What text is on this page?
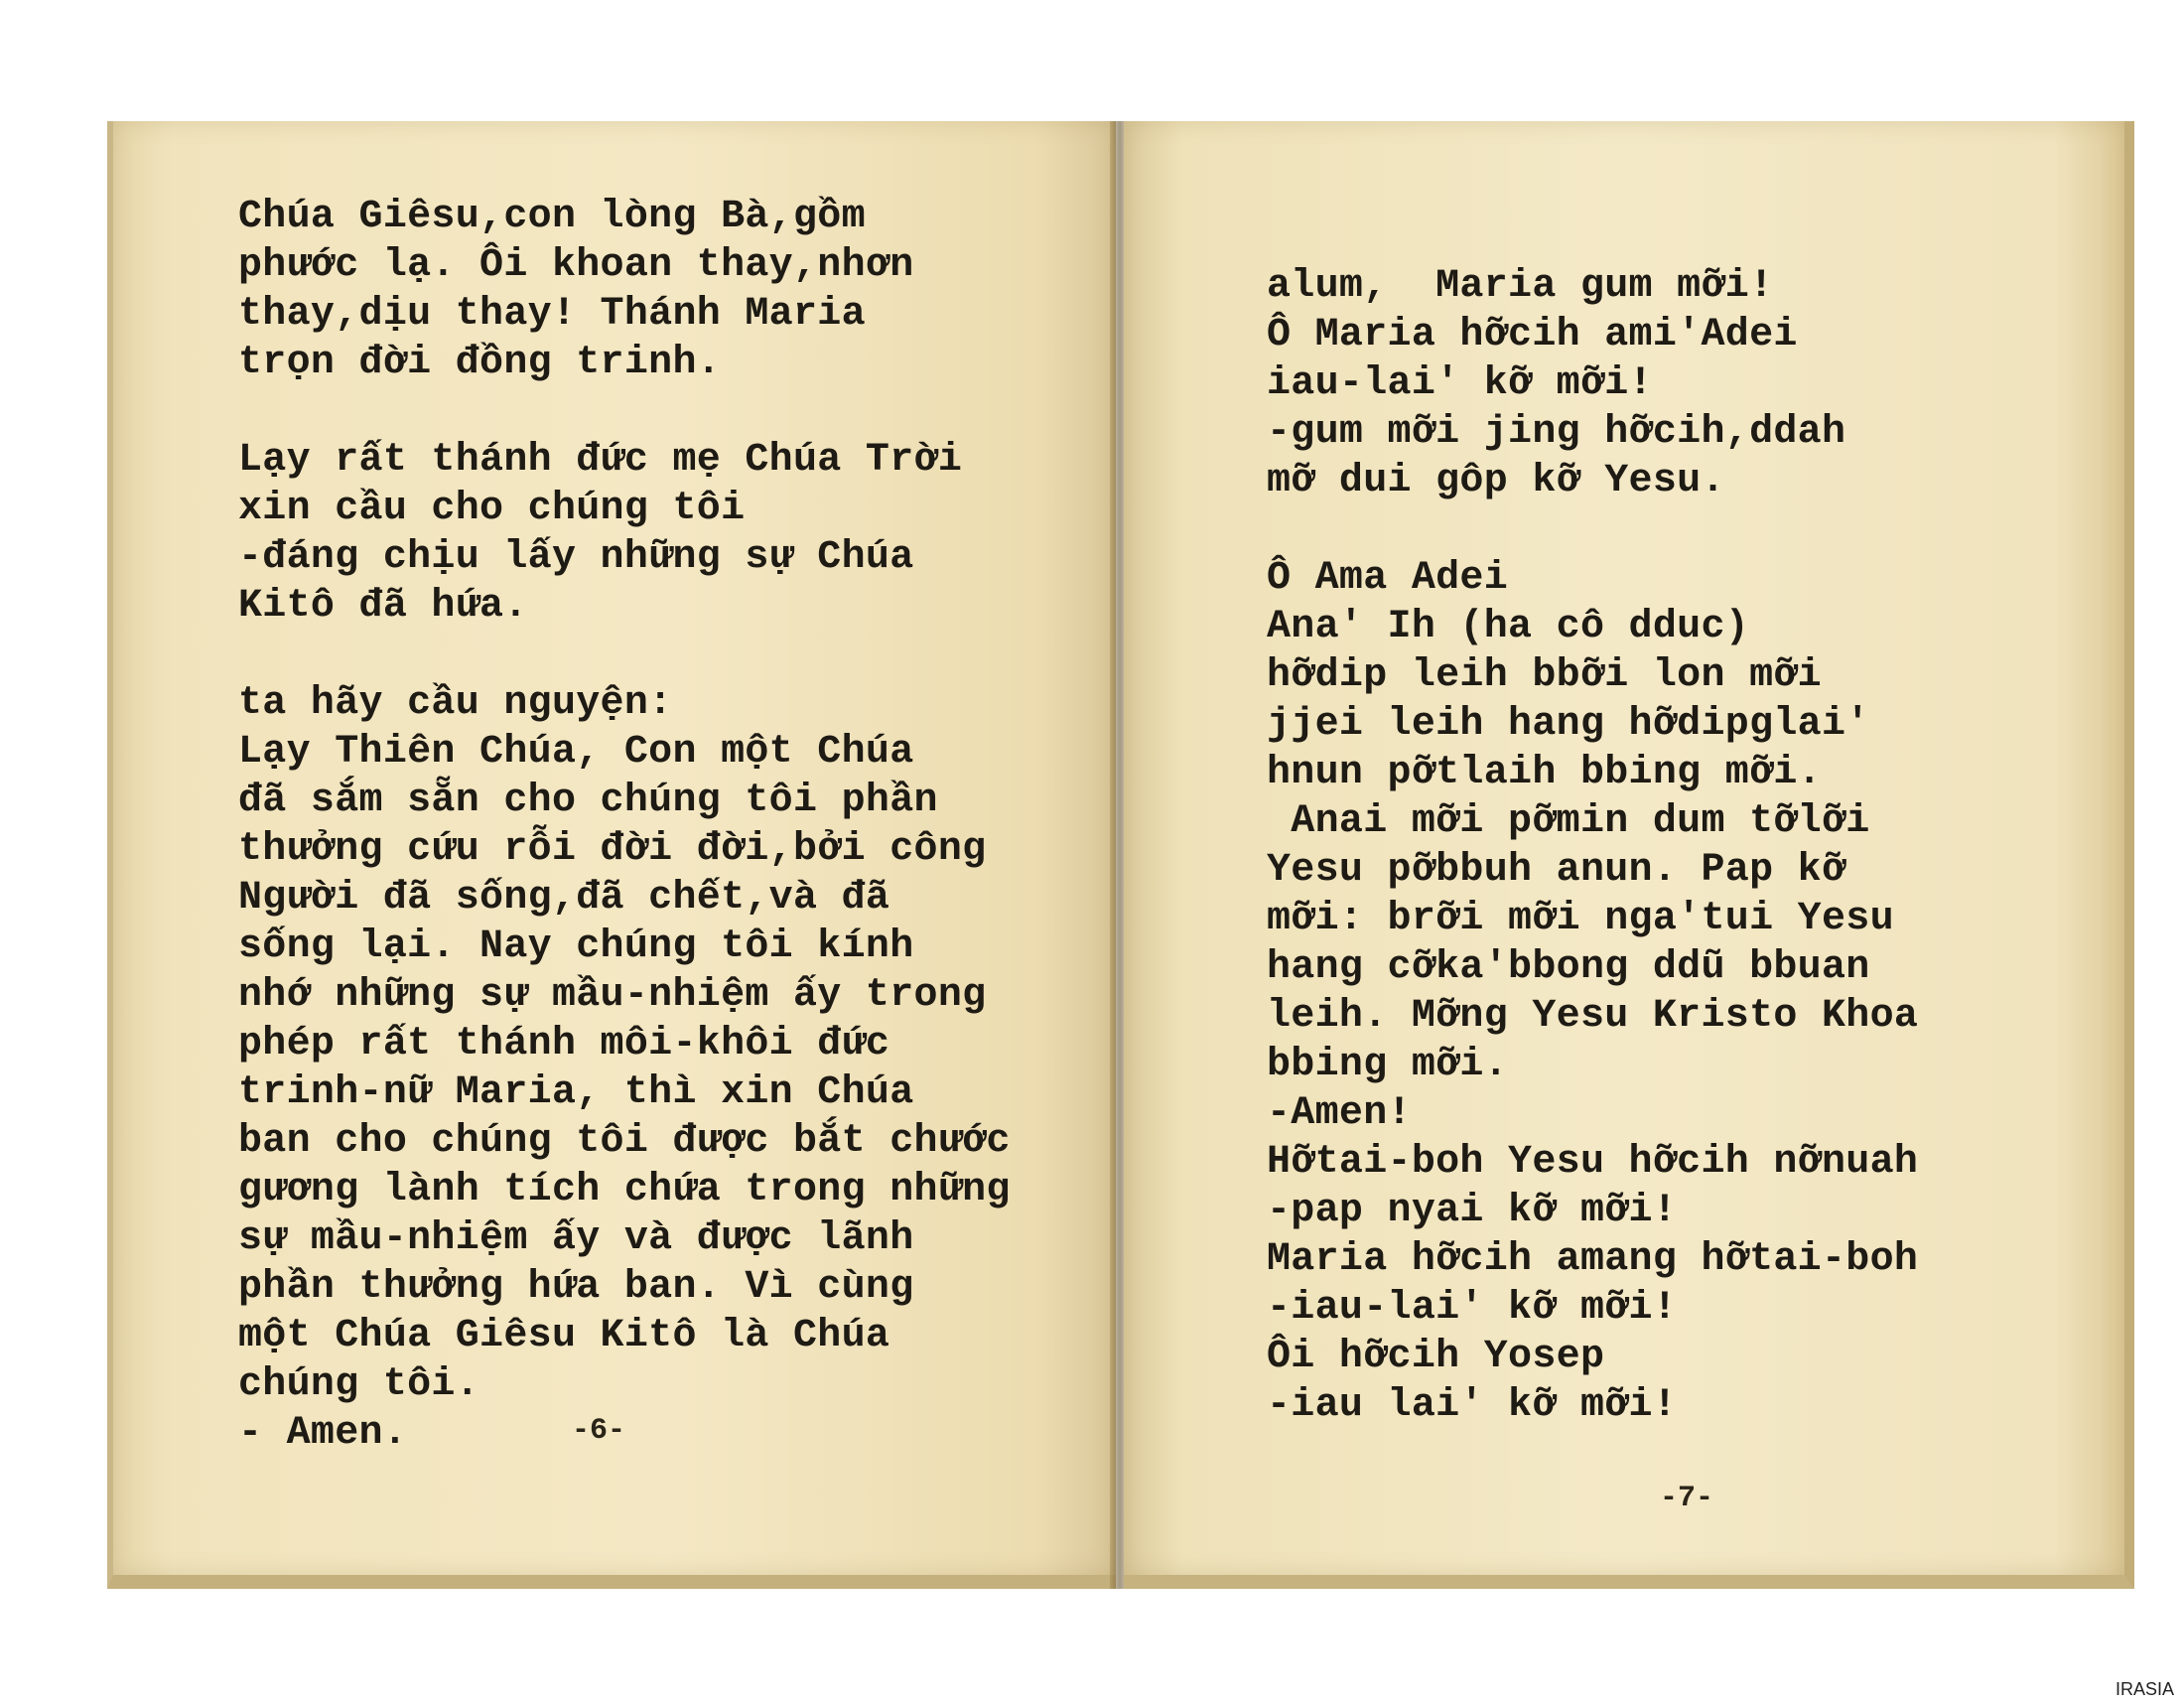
Chúa Giêsu,con lòng Bà,gồm
phước lạ. Ôi khoan thay,nhơn
thay,dịu thay! Thánh Maria
trọn đời đồng trinh.

Lạy rất thánh đức mẹ Chúa Trời
xin cầu cho chúng tôi
-đáng chịu lấy những sự Chúa
Kitô đã hứa.

ta hãy cầu nguyện:
Lạy Thiên Chúa, Con một Chúa
đã sắm sẵn cho chúng tôi phần
thưởng cứu rỗi đời đời,bởi công
Người đã sống,đã chết,và đã
sống lại. Nay chúng tôi kính
nhớ những sự mầu-nhiệm ấy trong
phép rất thánh môi-khôi đức
trinh-nữ Maria, thì xin Chúa
ban cho chúng tôi được bắt chước
gương lành tích chứa trong những
sự mầu-nhiệm ấy và được lãnh
phần thưởng hứa ban. Vì cùng
một Chúa Giêsu Kitô là Chúa
chúng tôi.
- Amen.	-6-
alum,  Maria gum mỡi!
Ô Maria hỡcih ami'Adei
iau-lai' kỡ mỡi!
-gum mỡi jing hỡcih,ddah
mỡ dui gôp kỡ Yesu.

Ô Ama Adei
Ana' Ih (ha cô dduc)
hỡdip leih bbỡi lon mỡi
jjei leih hang hỡdipglai'
hnun pỡtlaih bbing mỡi.
Anai mỡi pỡmin dum tỡlỡi
Yesu pỡbbuh anun. Pap kỡ
mỡi: brỡi mỡi nga'tui Yesu
hang cỡka'bbong ddũ bbuan
leih. Mỡng Yesu Kristo Khoa
bbing mỡi.
-Amen!
Hỡtai-boh Yesu hỡcih nỡnuah
-pap nyai kỡ mỡi!
Maria hỡcih amang hỡtai-boh
-iau-lai' kỡ mỡi!
Ôi hỡcih Yosep
-iau lai' kỡ mỡi!
-7-
IRASIA
